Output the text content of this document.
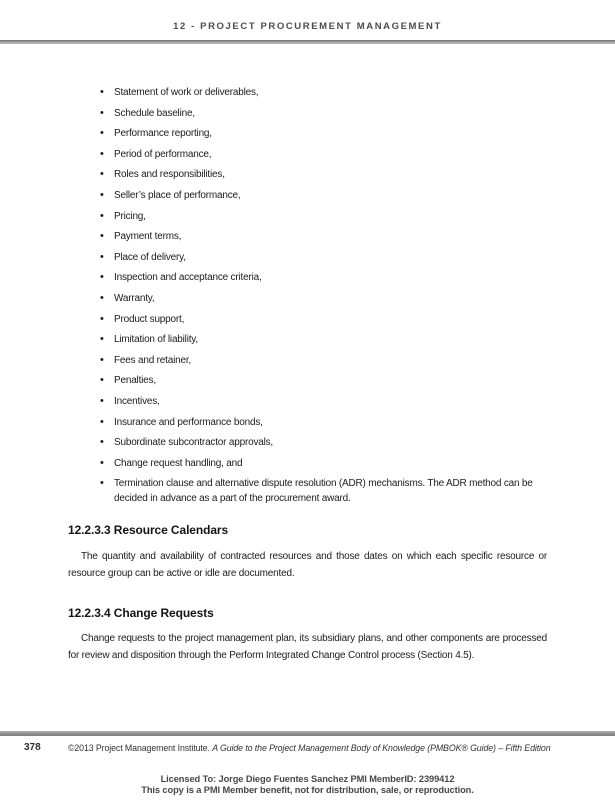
12 - PROJECT PROCUREMENT MANAGEMENT
• Statement of work or deliverables,
• Schedule baseline,
• Performance reporting,
• Period of performance,
• Roles and responsibilities,
• Seller’s place of performance,
• Pricing,
• Payment terms,
• Place of delivery,
• Inspection and acceptance criteria,
• Warranty,
• Product support,
• Limitation of liability,
• Fees and retainer,
• Penalties,
• Incentives,
• Insurance and performance bonds,
• Subordinate subcontractor approvals,
• Change request handling, and
• Termination clause and alternative dispute resolution (ADR) mechanisms. The ADR method can be decided in advance as a part of the procurement award.
12.2.3.3 Resource Calendars

The quantity and availability of contracted resources and those dates on which each specific resource or resource group can be active or idle are documented.

12.2.3.4 Change Requests

Change requests to the project management plan, its subsidiary plans, and other components are processed for review and disposition through the Perform Integrated Change Control process (Section 4.5).

378	©2013 Project Management Institute. A Guide to the Project Management Body of Knowledge (PMBOK® Guide) – Fifth Edition
Licensed To: Jorge Diego Fuentes Sanchez PMI MemberID: 2399412
This copy is a PMI Member benefit, not for distribution, sale, or reproduction.
